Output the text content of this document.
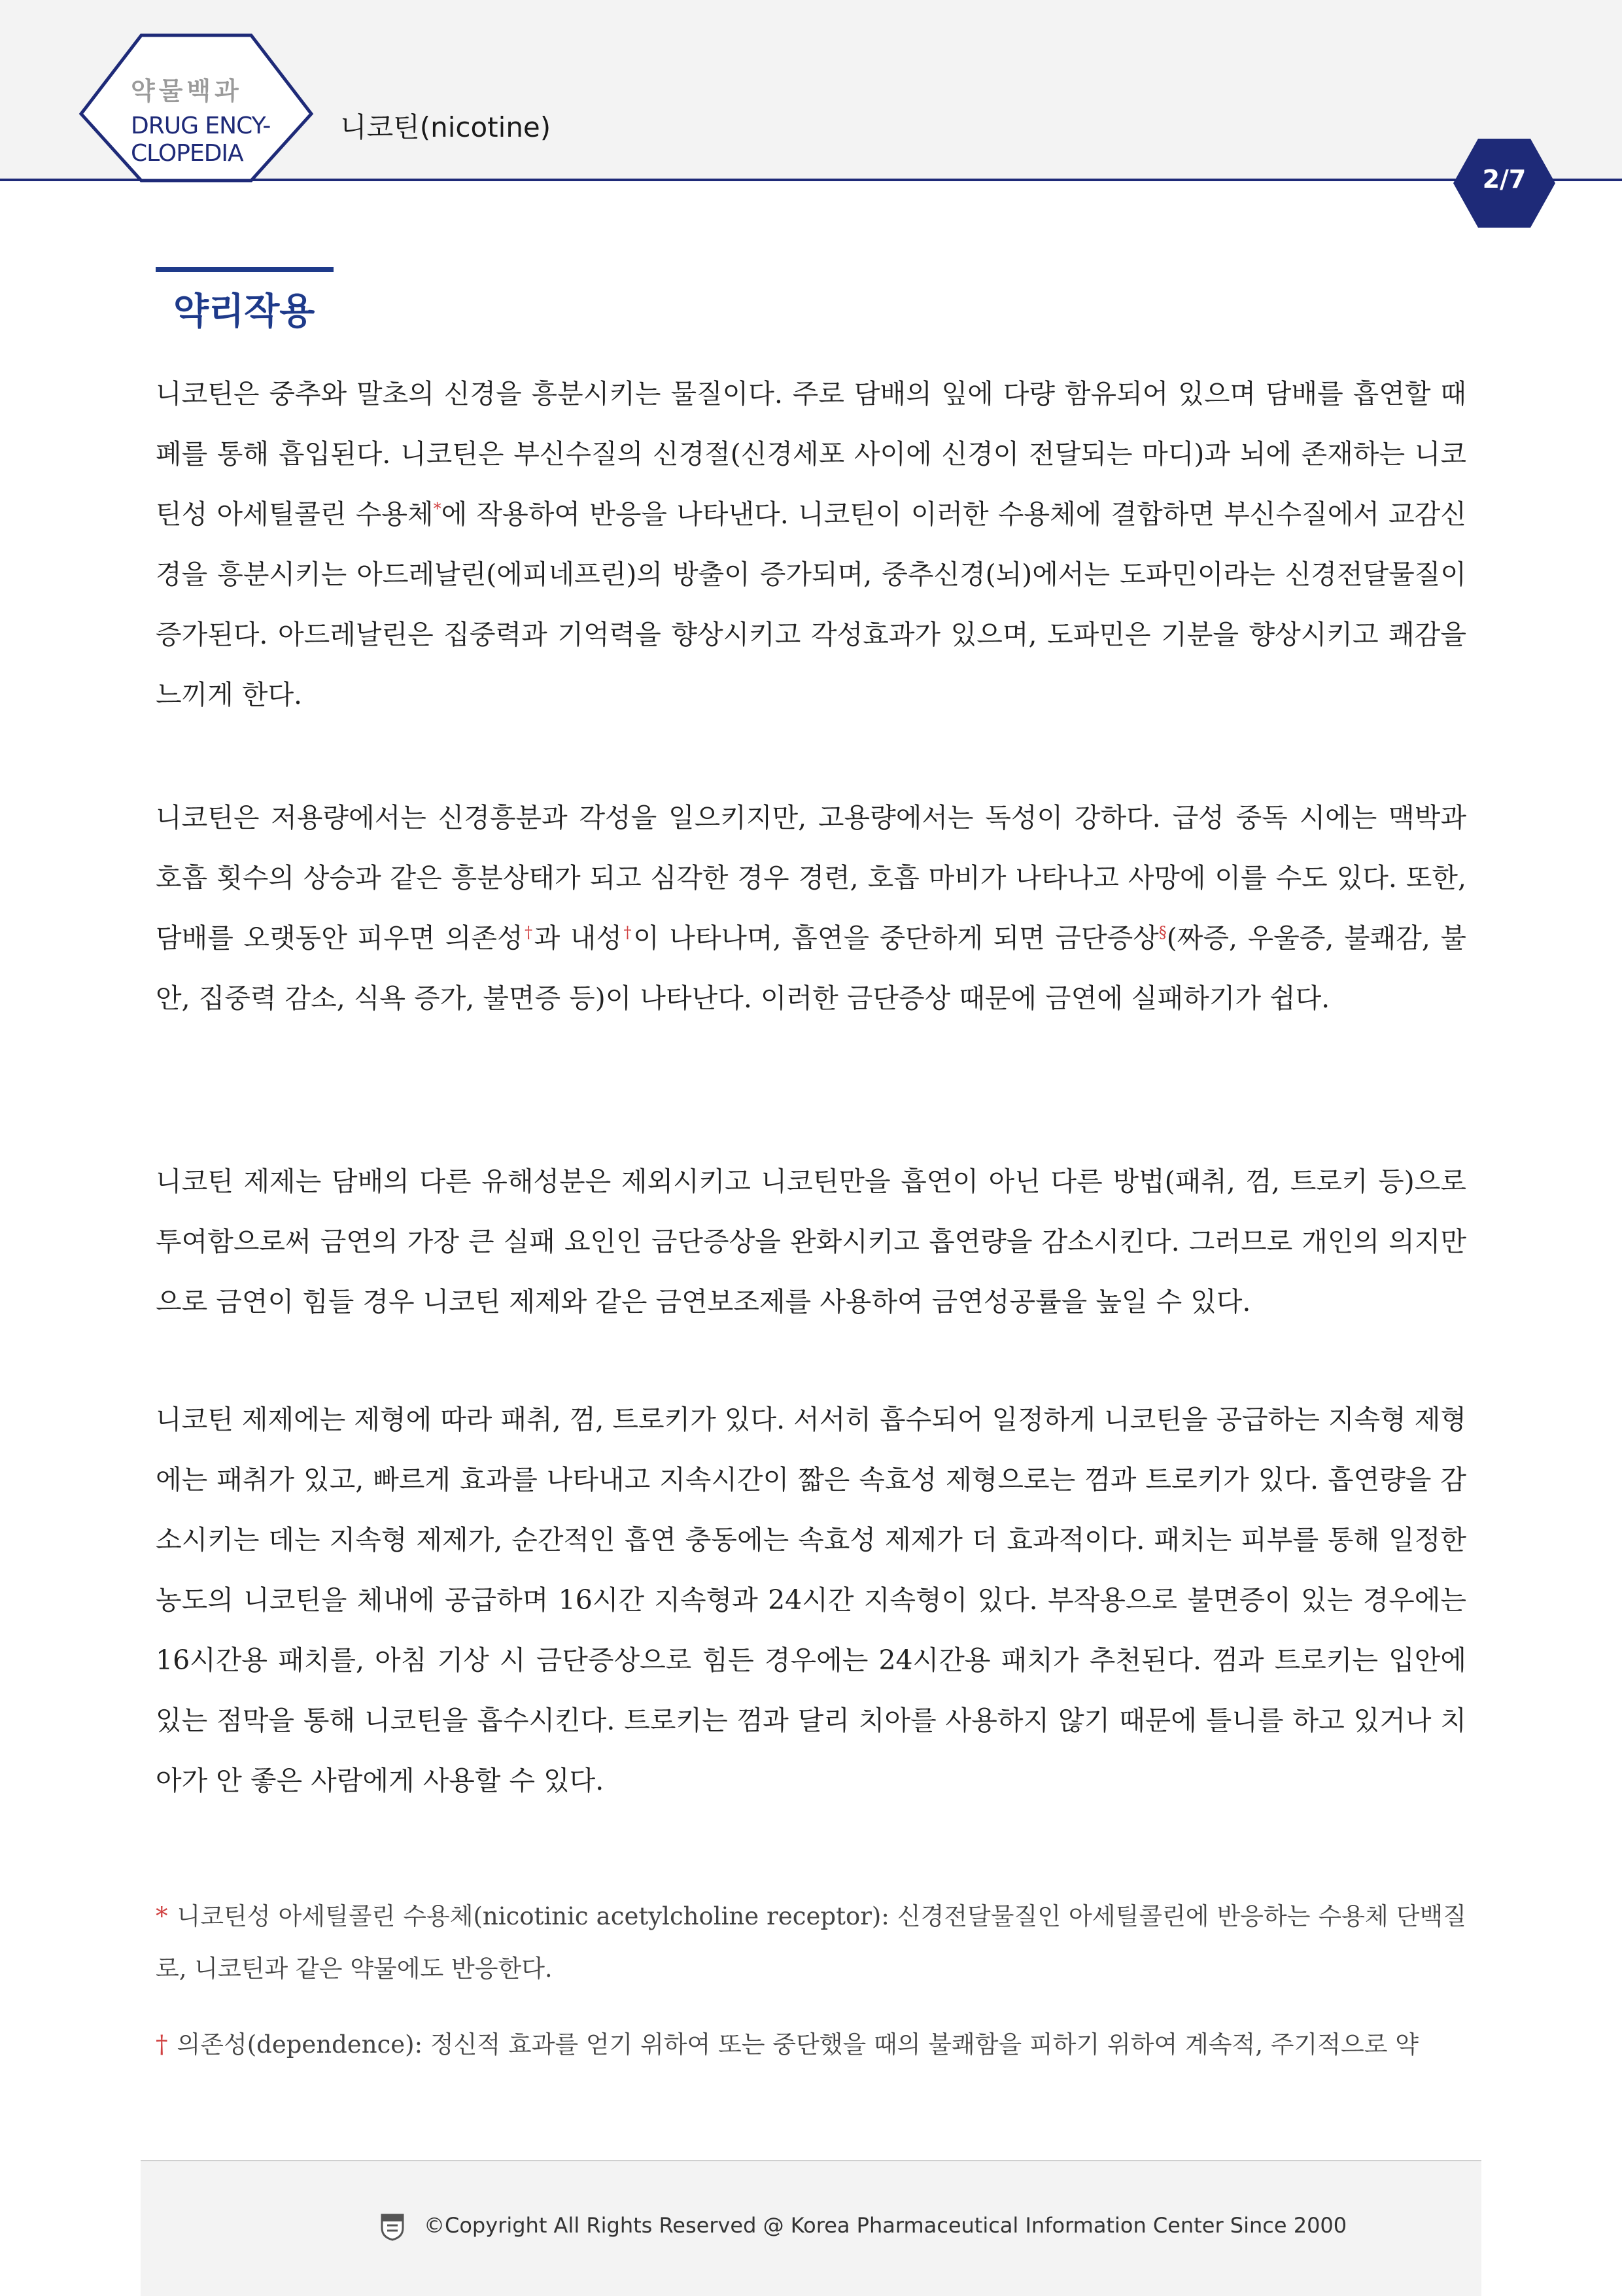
약물백과
DRUG ENCY-
CLOPEDIA
니코틴(nicotine)
2/7
약리작용

니코틴은 중추와 말초의 신경을 흥분시키는 물질이다. 주로 담배의 잎에 다량 함유되어 있으며 담배를 흡연할 때 폐를 통해 흡입된다. 니코틴은 부신수질의 신경절(신경세포 사이에 신경이 전달되는 마디)과 뇌에 존재하는 니코틴성 아세틸콜린 수용체*에 작용하여 반응을 나타낸다. 니코틴이 이러한 수용체에 결합하면 부신수질에서 교감신경을 흥분시키는 아드레날린(에피네프린)의 방출이 증가되며, 중추신경(뇌)에서는 도파민이라는 신경전달물질이 증가된다. 아드레날린은 집중력과 기억력을 향상시키고 각성효과가 있으며, 도파민은 기분을 향상시키고 쾌감을 느끼게 한다.

니코틴은 저용량에서는 신경흥분과 각성을 일으키지만, 고용량에서는 독성이 강하다. 급성 중독 시에는 맥박과 호흡 횟수의 상승과 같은 흥분상태가 되고 심각한 경우 경련, 호흡 마비가 나타나고 사망에 이를 수도 있다. 또한, 담배를 오랫동안 피우면 의존성†과 내성†이 나타나며, 흡연을 중단하게 되면 금단증상§(짜증, 우울증, 불쾌감, 불안, 집중력 감소, 식욕 증가, 불면증 등)이 나타난다. 이러한 금단증상 때문에 금연에 실패하기가 쉽다.

니코틴 제제는 담배의 다른 유해성분은 제외시키고 니코틴만을 흡연이 아닌 다른 방법(패취, 껌, 트로키 등)으로 투여함으로써 금연의 가장 큰 실패 요인인 금단증상을 완화시키고 흡연량을 감소시킨다. 그러므로 개인의 의지만으로 금연이 힘들 경우 니코틴 제제와 같은 금연보조제를 사용하여 금연성공률을 높일 수 있다.

니코틴 제제에는 제형에 따라 패취, 껌, 트로키가 있다. 서서히 흡수되어 일정하게 니코틴을 공급하는 지속형 제형에는 패취가 있고, 빠르게 효과를 나타내고 지속시간이 짧은 속효성 제형으로는 껌과 트로키가 있다. 흡연량을 감소시키는 데는 지속형 제제가, 순간적인 흡연 충동에는 속효성 제제가 더 효과적이다. 패치는 피부를 통해 일정한 농도의 니코틴을 체내에 공급하며 16시간 지속형과 24시간 지속형이 있다. 부작용으로 불면증이 있는 경우에는 16시간용 패치를, 아침 기상 시 금단증상으로 힘든 경우에는 24시간용 패치가 추천된다. 껌과 트로키는 입안에 있는 점막을 통해 니코틴을 흡수시킨다. 트로키는 껌과 달리 치아를 사용하지 않기 때문에 틀니를 하고 있거나 치아가 안 좋은 사람에게 사용할 수 있다.

* 니코틴성 아세틸콜린 수용체(nicotinic acetylcholine receptor): 신경전달물질인 아세틸콜린에 반응하는 수용체 단백질로, 니코틴과 같은 약물에도 반응한다.

† 의존성(dependence): 정신적 효과를 얻기 위하여 또는 중단했을 때의 불쾌함을 피하기 위하여 계속적, 주기적으로 약

©Copyright All Rights Reserved @ Korea Pharmaceutical Information Center Since 2000
